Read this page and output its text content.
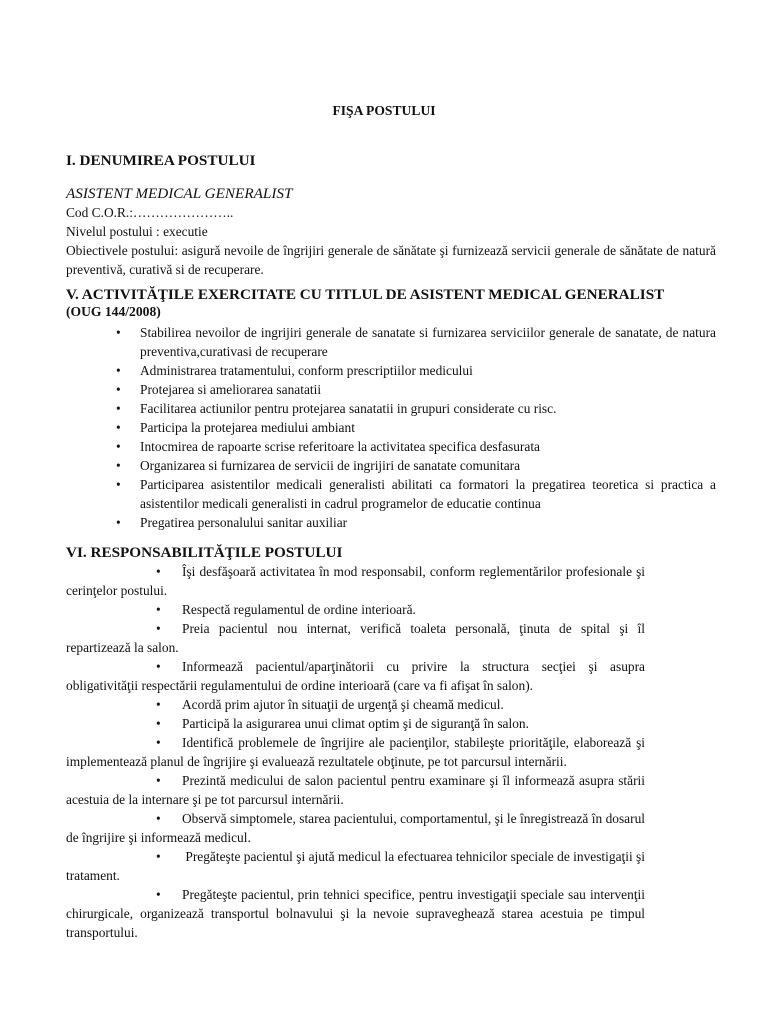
FIŞA POSTULUI

I. DENUMIREA POSTULUI

ASISTENT MEDICAL GENERALIST

Cod C.O.R.:…………………..

Nivelul postului : executie

Obiectivele postului: asigură nevoile de îngrijiri generale de sănătate şi furnizează servicii generale de sănătate de natură preventivă, curativă si de recuperare.

V. ACTIVITĂŢILE EXERCITATE CU TITLUL DE ASISTENT MEDICAL GENERALIST

(OUG 144/2008)

• Stabilirea nevoilor de ingrijiri generale de sanatate si furnizarea serviciilor generale de sanatate, de natura preventiva,curativasi de recuperare
• Administrarea tratamentului, conform prescriptiilor medicului
• Protejarea si ameliorarea sanatatii
• Facilitarea actiunilor pentru protejarea sanatatii in grupuri considerate cu risc.
• Participa la protejarea mediului ambiant
• Intocmirea de rapoarte scrise referitoare la activitatea specifica desfasurata
• Organizarea si furnizarea de servicii de ingrijiri de sanatate comunitara
• Participarea asistentilor medicali generalisti abilitati ca formatori la pregatirea teoretica si practica a asistentilor medicali generalisti in cadrul programelor de educatie continua
• Pregatirea personalului sanitar auxiliar

VI. RESPONSABILITĂŢILE POSTULUI

• Îşi desfăşoară activitatea în mod responsabil, conform reglementărilor profesionale şi cerinţelor postului.
• Respectă regulamentul de ordine interioară.
• Preia pacientul nou internat, verifică toaleta personală, ţinuta de spital şi îl repartizează la salon.
• Informează pacientul/aparţinătorii cu privire la structura secţiei şi asupra obligativităţii respectării regulamentului de ordine interioară (care va fi afişat în salon).
• Acordă prim ajutor în situaţii de urgenţă şi cheamă medicul.
• Participă la asigurarea unui climat optim şi de siguranţă în salon.
• Identifică problemele de îngrijire ale pacienţilor, stabileşte priorităţile, elaborează şi implementează planul de îngrijire şi evaluează rezultatele obţinute, pe tot parcursul internării.
• Prezintă medicului de salon pacientul pentru examinare şi îl informează asupra stării acestuia de la internare şi pe tot parcursul internării.
• Observă simptomele, starea pacientului, comportamentul, şi le înregistrează în dosarul de îngrijire şi informează medicul.
• Pregăteşte pacientul şi ajută medicul la efectuarea tehnicilor speciale de investigaţii şi tratament.
• Pregăteşte pacientul, prin tehnici specifice, pentru investigaţii speciale sau intervenţii chirurgicale, organizează transportul bolnavului şi la nevoie supraveghează starea acestuia pe timpul transportului.
